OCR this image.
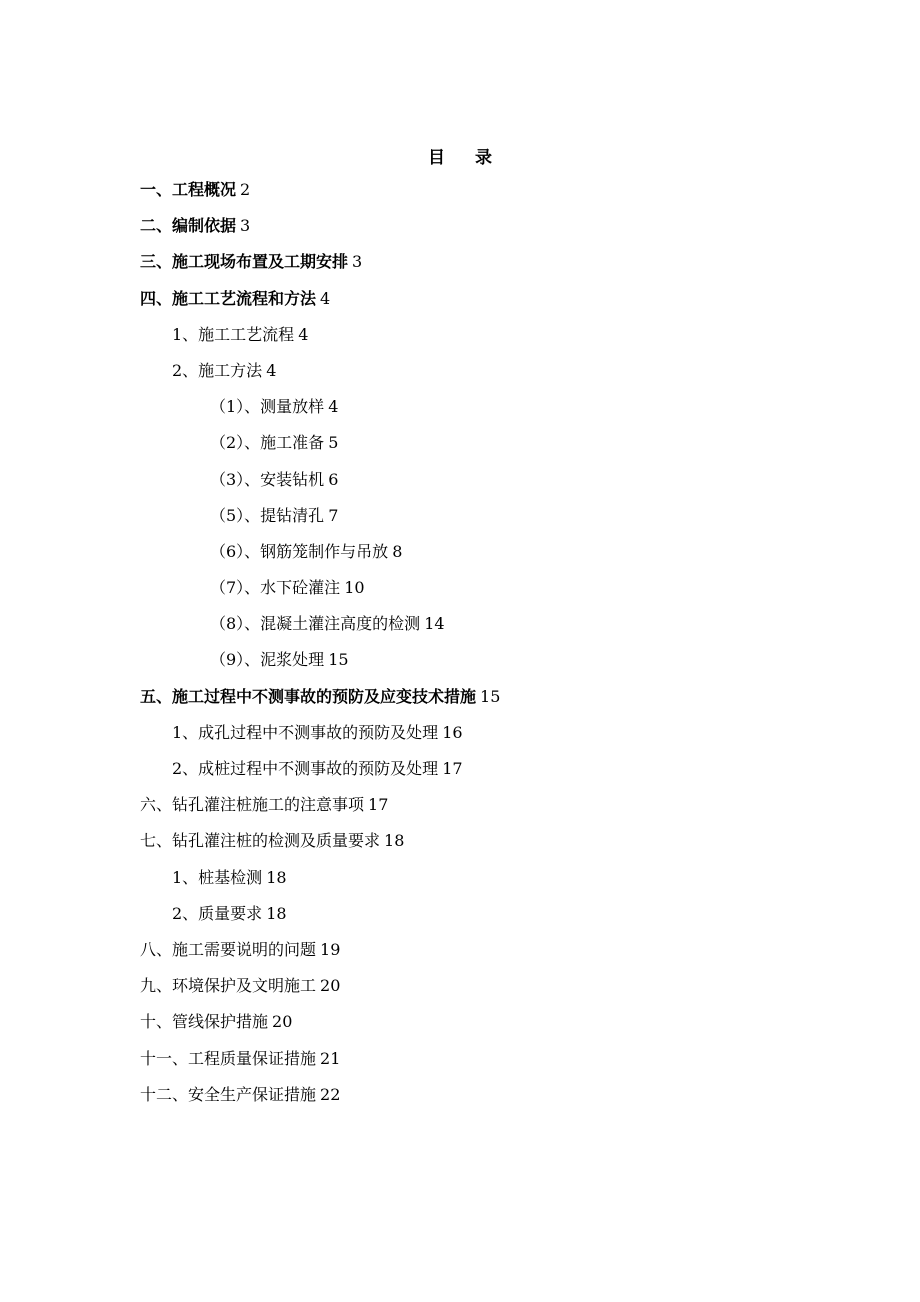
目 录
一、工程概况 2
二、编制依据 3
三、施工现场布置及工期安排 3
四、施工工艺流程和方法 4
1、施工工艺流程 4
2、施工方法 4
（1）、测量放样 4
（2）、施工准备 5
（3）、安装钻机 6
（5）、提钻清孔 7
（6）、钢筋笼制作与吊放 8
（7）、水下砼灌注 10
（8）、混凝土灌注高度的检测 14
（9）、泥浆处理 15
五、施工过程中不测事故的预防及应变技术措施 15
1、成孔过程中不测事故的预防及处理 16
2、成桩过程中不测事故的预防及处理 17
六、钻孔灌注桩施工的注意事项 17
七、钻孔灌注桩的检测及质量要求 18
1、桩基检测 18
2、质量要求 18
八、施工需要说明的问题 19
九、环境保护及文明施工 20
十、管线保护措施 20
十一、工程质量保证措施 21
十二、安全生产保证措施 22
